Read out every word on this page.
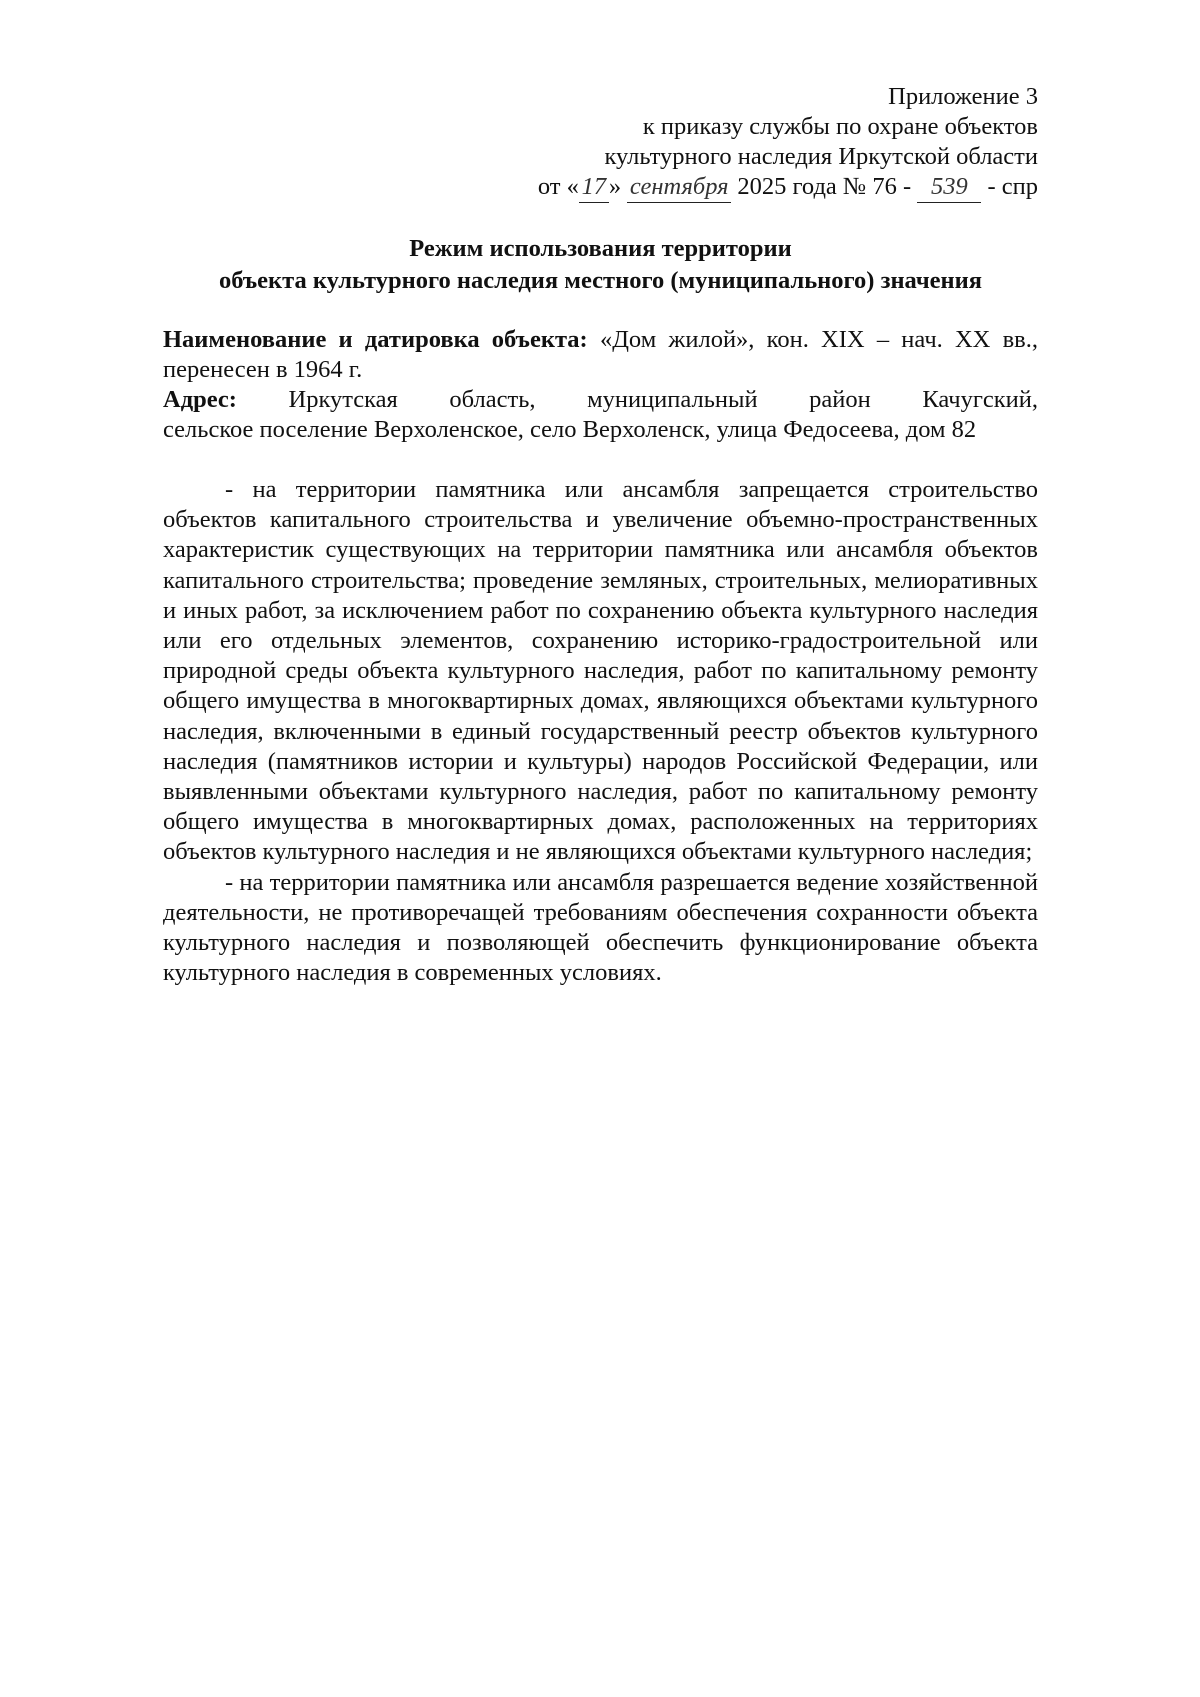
Приложение 3
к приказу службы по охране объектов
культурного наследия Иркутской области
от « 17 » сентября 2025 года № 76 - 539 - спр
Режим использования территории
объекта культурного наследия местного (муниципального) значения
Наименование и датировка объекта: «Дом жилой», кон. XIX – нач. XX вв., перенесен в 1964 г.
Адрес: Иркутская область, муниципальный район Качугский,
сельское поселение Верхоленское, село Верхоленск, улица Федосеева, дом 82

- на территории памятника или ансамбля запрещается строительство объектов капитального строительства и увеличение объемно-пространственных характеристик существующих на территории памятника или ансамбля объектов капитального строительства; проведение земляных, строительных, мелиоративных и иных работ, за исключением работ по сохранению объекта культурного наследия или его отдельных элементов, сохранению историко-градостроительной или природной среды объекта культурного наследия, работ по капитальному ремонту общего имущества в многоквартирных домах, являющихся объектами культурного наследия, включенными в единый государственный реестр объектов культурного наследия (памятников истории и культуры) народов Российской Федерации, или выявленными объектами культурного наследия, работ по капитальному ремонту общего имущества в многоквартирных домах, расположенных на территориях объектов культурного наследия и не являющихся объектами культурного наследия;

- на территории памятника или ансамбля разрешается ведение хозяйственной деятельности, не противоречащей требованиям обеспечения сохранности объекта культурного наследия и позволяющей обеспечить функционирование объекта культурного наследия в современных условиях.
